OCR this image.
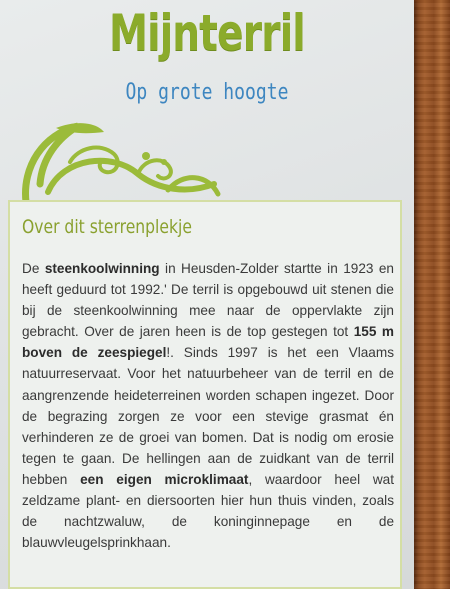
Mijnterril
Op grote hoogte
Over dit sterrenplekje

De steenkoolwinning in Heusden-Zolder startte in 1923 en heeft geduurd tot 1992.' De terril is opgebouwd uit stenen die bij de steenkoolwinning mee naar de oppervlakte zijn gebracht. Over de jaren heen is de top gestegen tot 155 m boven de zeespiegel!. Sinds 1997 is het een Vlaams natuurreservaat. Voor het natuurbeheer van de terril en de aangrenzende heideterreinen worden schapen ingezet. Door de begrazing zorgen ze voor een stevige grasmat én verhinderen ze de groei van bomen. Dat is nodig om erosie tegen te gaan. De hellingen aan de zuidkant van de terril hebben een eigen microklimaat, waardoor heel wat zeldzame plant- en diersoorten hier hun thuis vinden, zoals de nachtzwaluw, de koninginnepage en de blauwvleugelsprinkhaan.
